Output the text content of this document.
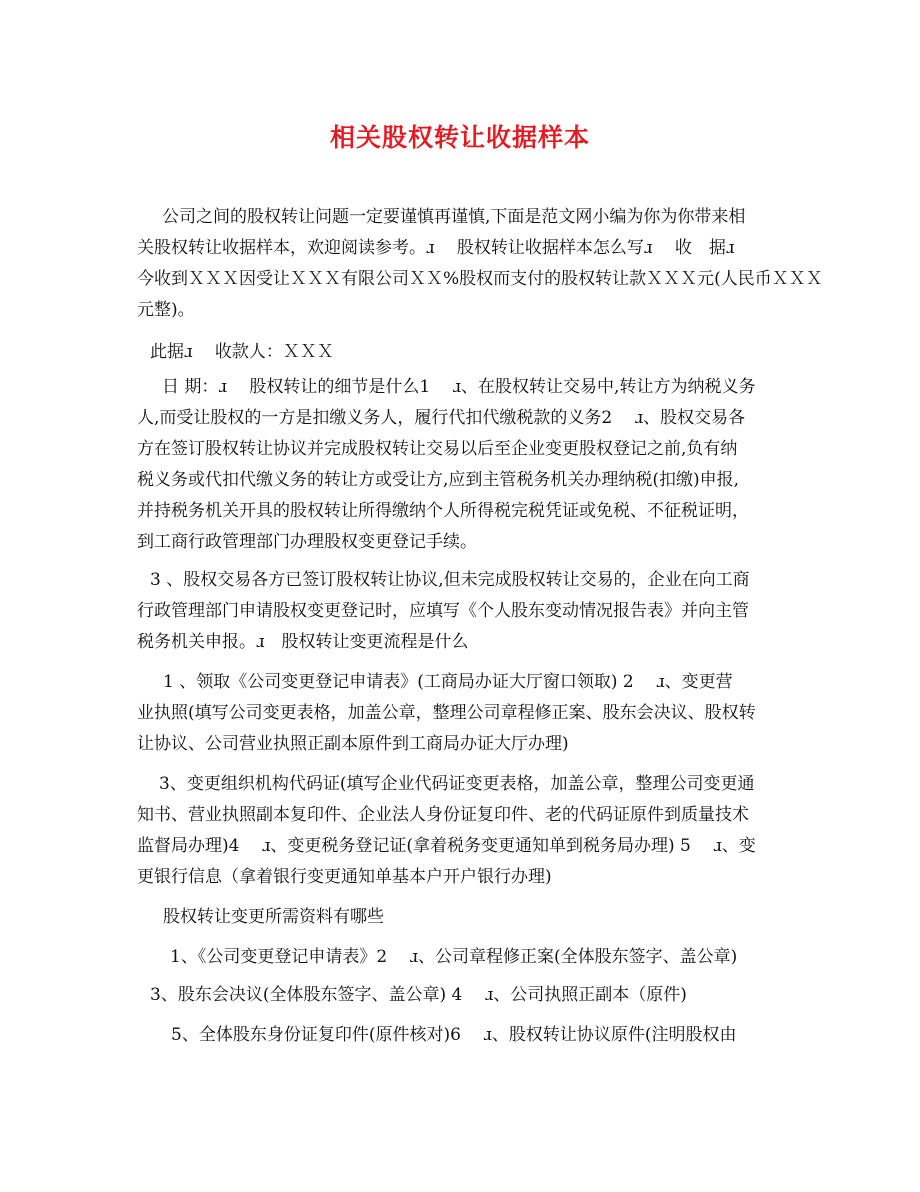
相关股权转让收据样本
公司之间的股权转让问题一定要谨慎再谨慎,下面是范文网小编为你为你带来相
关股权转让收据样本，欢迎阅读参考。ɹ　 股权转让收据样本怎么写ɹ　 收　据ɹ
今收到ＸＸＸ因受让ＸＸＸ有限公司ＸＸ%股权而支付的股权转让款ＸＸＸ元(人民币ＸＸＸ
元整)。
此据ɹ　 收款人：ＸＸＸ
日 期：ɹ　 股权转让的细节是什么1　 ɹ、在股权转让交易中,转让方为纳税义务
人,而受让股权的一方是扣缴义务人，履行代扣代缴税款的义务2　 ɹ、股权交易各
方在签订股权转让协议并完成股权转让交易以后至企业变更股权登记之前,负有纳
税义务或代扣代缴义务的转让方或受让方,应到主管税务机关办理纳税(扣缴)申报,
并持税务机关开具的股权转让所得缴纳个人所得税完税凭证或免税、不征税证明，
到工商行政管理部门办理股权变更登记手续。
3 、股权交易各方已签订股权转让协议,但未完成股权转让交易的，企业在向工商
行政管理部门申请股权变更登记时，应填写《个人股东变动情况报告表》并向主管
税务机关申报。ɹ　股权转让变更流程是什么
1 、领取《公司变更登记申请表》(工商局办证大厅窗口领取) 2　 ɹ、变更营
业执照(填写公司变更表格，加盖公章，整理公司章程修正案、股东会决议、股权转
让协议、公司营业执照正副本原件到工商局办证大厅办理)
3、变更组织机构代码证(填写企业代码证变更表格，加盖公章，整理公司变更通
知书、营业执照副本复印件、企业法人身份证复印件、老的代码证原件到质量技术
监督局办理)4　 ɹ、变更税务登记证(拿着税务变更通知单到税务局办理) 5　 ɹ、变
更银行信息（拿着银行变更通知单基本户开户银行办理)
股权转让变更所需资料有哪些
1、《公司变更登记申请表》2　 ɹ、公司章程修正案(全体股东签字、盖公章)
3、股东会决议(全体股东签字、盖公章) 4　 ɹ、公司执照正副本（原件)
5、全体股东身份证复印件(原件核对)6　 ɹ、股权转让协议原件(注明股权由
